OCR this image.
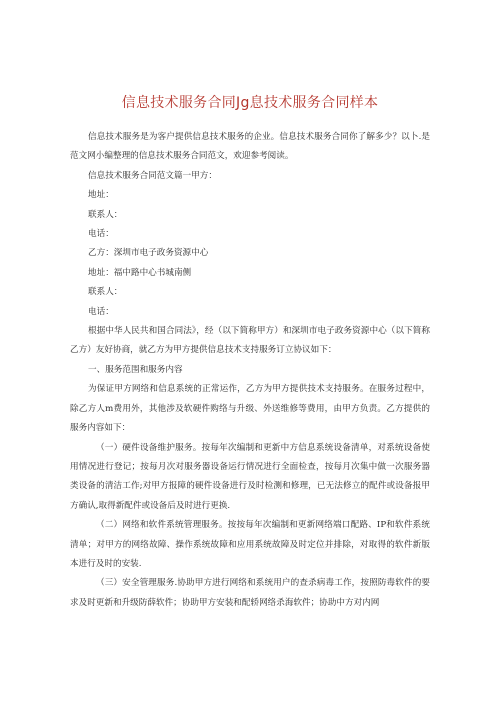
信息技术服务合同Jg息技术服务合同样本

信息技术服务是为客户提供信息技术服务的企业。信息技术服务合同你了解多少？以卜.是范文网小编整理的信息技术服务合同范文，欢迎参考阅读。

信息技术服务合同范文篇一甲方：

地址：

联系人：

电话：

乙方：深圳市电子政务资源中心

地址：福中路中心书城南侧

联系人：

电话：

根据中华人民共和国合同法》，经（以下简称甲方）和深圳市电子政务资源中心（以下简称乙方）友好协商，就乙方为甲方提供信息技术支持服务订立协议如下：

一、服务范围和服务内容

为保证甲方网络和信息系统的正常运作，乙方为甲方提供技术支持服务。在服务过程中，除乙方人m费用外，其他涉及软硬件购络与升级、外送维修等费用，由甲方负责。乙方提供的服务内容如下：

（一）硬件设备维护服务。按每年次编制和更新中方信息系统设备清单，对系统设备使用情况进行登记；按每月次对服务器设备运行情况进行全面检查，按每月次集中做一次服务器类设备的清洁工作;对甲方报障的硬件设备进行及时检测和修理，已无法修立的配件或设备报甲方确认,取得新配件或设备后及时进行更换.

（二）网络和软件系统管理服务。按按每年次编制和更新网络端口配路、IP和软件系统清单；对甲方的网络故障、操作系统故障和应用系统故障及时定位并排除，对取得的软件新版本进行及时的安装.

（三）安全管理服务.协助甲方进行网络和系统用户的查杀病毒工作，按照防毒软件的要求及时更新和升级防薛软件；协助甲方安装和配轿网络杀海软件；协助中方对内网
